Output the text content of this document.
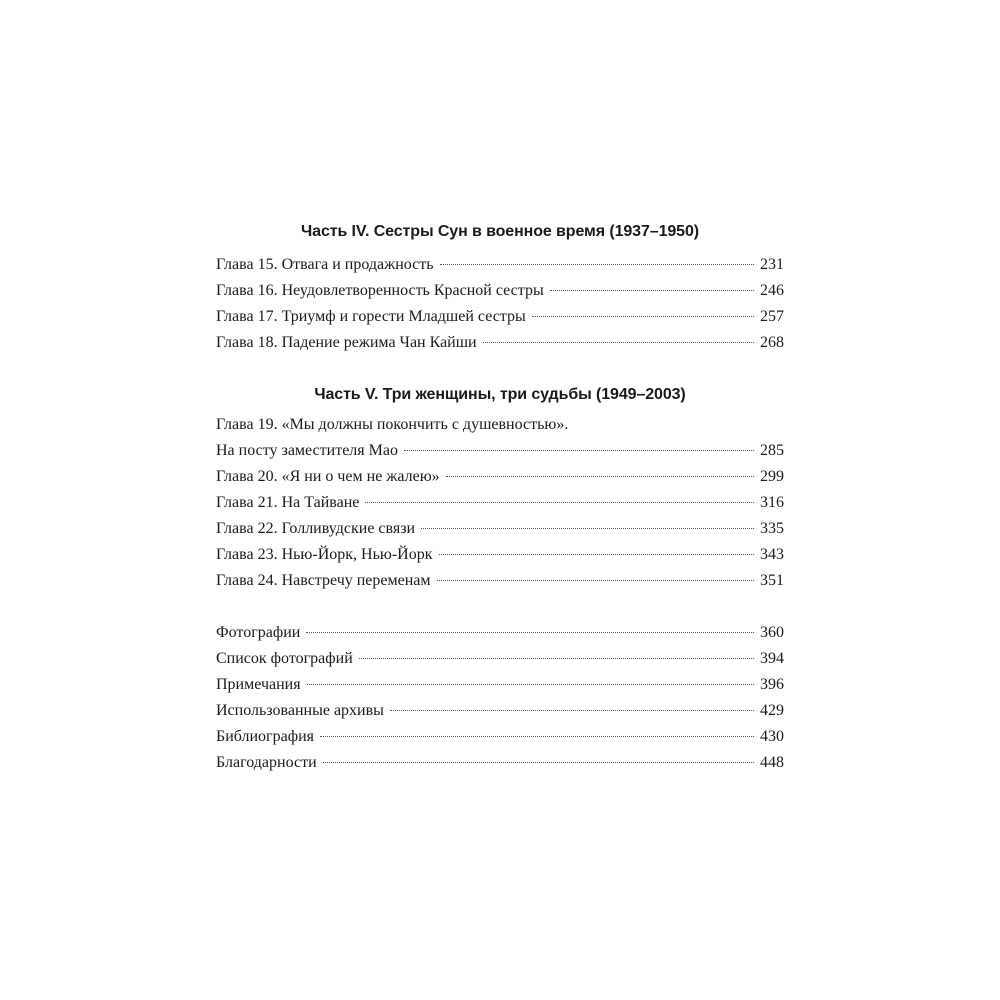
Часть IV. Сестры Сун в военное время (1937–1950)
Глава 15. Отвага и продажность	231
Глава 16. Неудовлетворенность Красной сестры	246
Глава 17. Триумф и горести Младшей сестры	257
Глава 18. Падение режима Чан Кайши	268
Часть V. Три женщины, три судьбы (1949–2003)
Глава 19. «Мы должны покончить с душевностью».
На посту заместителя Мао	285
Глава 20. «Я ни о чем не жалею»	299
Глава 21. На Тайване	316
Глава 22. Голливудские связи	335
Глава 23. Нью-Йорк, Нью-Йорк	343
Глава 24. Навстречу переменам	351
Фотографии	360
Список фотографий	394
Примечания	396
Использованные архивы	429
Библиография	430
Благодарности	448
